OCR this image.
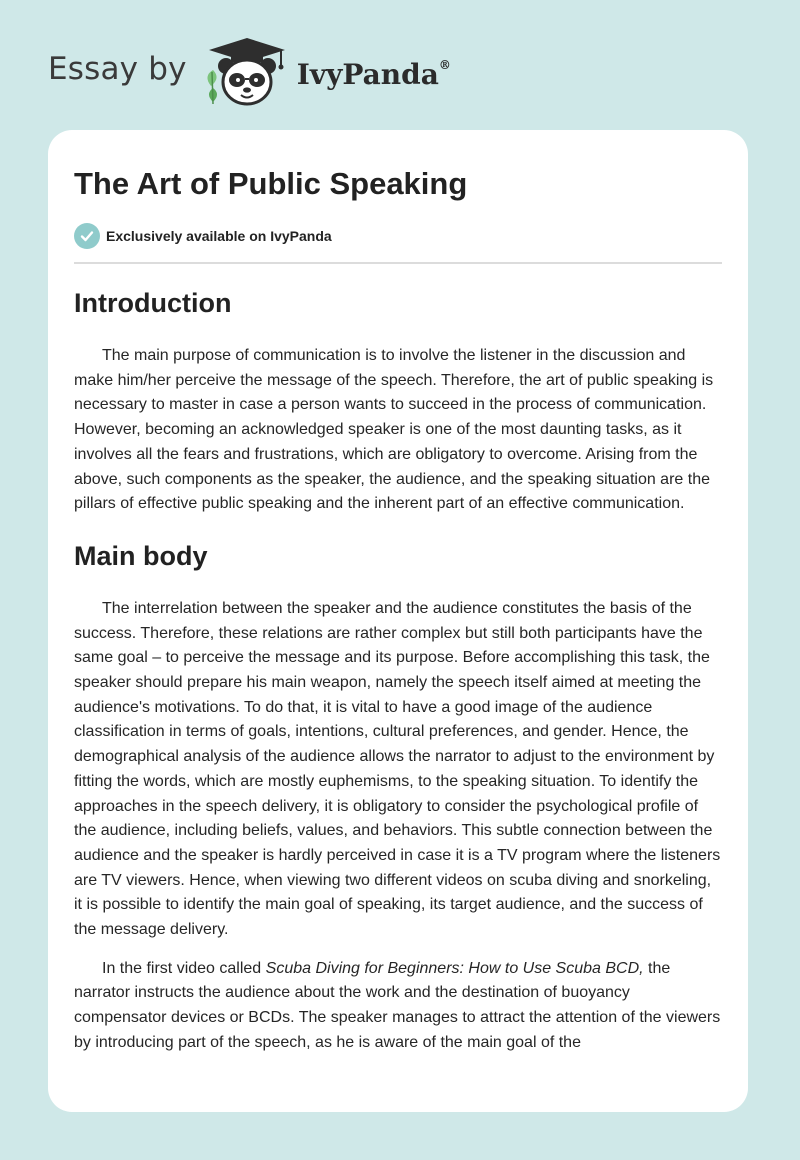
Essay by	IvyPanda®
The Art of Public Speaking
Exclusively available on IvyPanda
Introduction

The main purpose of communication is to involve the listener in the discussion and make him/her perceive the message of the speech. Therefore, the art of public speaking is necessary to master in case a person wants to succeed in the process of communication. However, becoming an acknowledged speaker is one of the most daunting tasks, as it involves all the fears and frustrations, which are obligatory to overcome. Arising from the above, such components as the speaker, the audience, and the speaking situation are the pillars of effective public speaking and the inherent part of an effective communication.

Main body

The interrelation between the speaker and the audience constitutes the basis of the success. Therefore, these relations are rather complex but still both participants have the same goal – to perceive the message and its purpose. Before accomplishing this task, the speaker should prepare his main weapon, namely the speech itself aimed at meeting the audience's motivations. To do that, it is vital to have a good image of the audience classification in terms of goals, intentions, cultural preferences, and gender. Hence, the demographical analysis of the audience allows the narrator to adjust to the environment by fitting the words, which are mostly euphemisms, to the speaking situation. To identify the approaches in the speech delivery, it is obligatory to consider the psychological profile of the audience, including beliefs, values, and behaviors. This subtle connection between the audience and the speaker is hardly perceived in case it is a TV program where the listeners are TV viewers. Hence, when viewing two different videos on scuba diving and snorkeling, it is possible to identify the main goal of speaking, its target audience, and the success of the message delivery.

In the first video called Scuba Diving for Beginners: How to Use Scuba BCD, the narrator instructs the audience about the work and the destination of buoyancy compensator devices or BCDs. The speaker manages to attract the attention of the viewers by introducing part of the speech, as he is aware of the main goal of the
